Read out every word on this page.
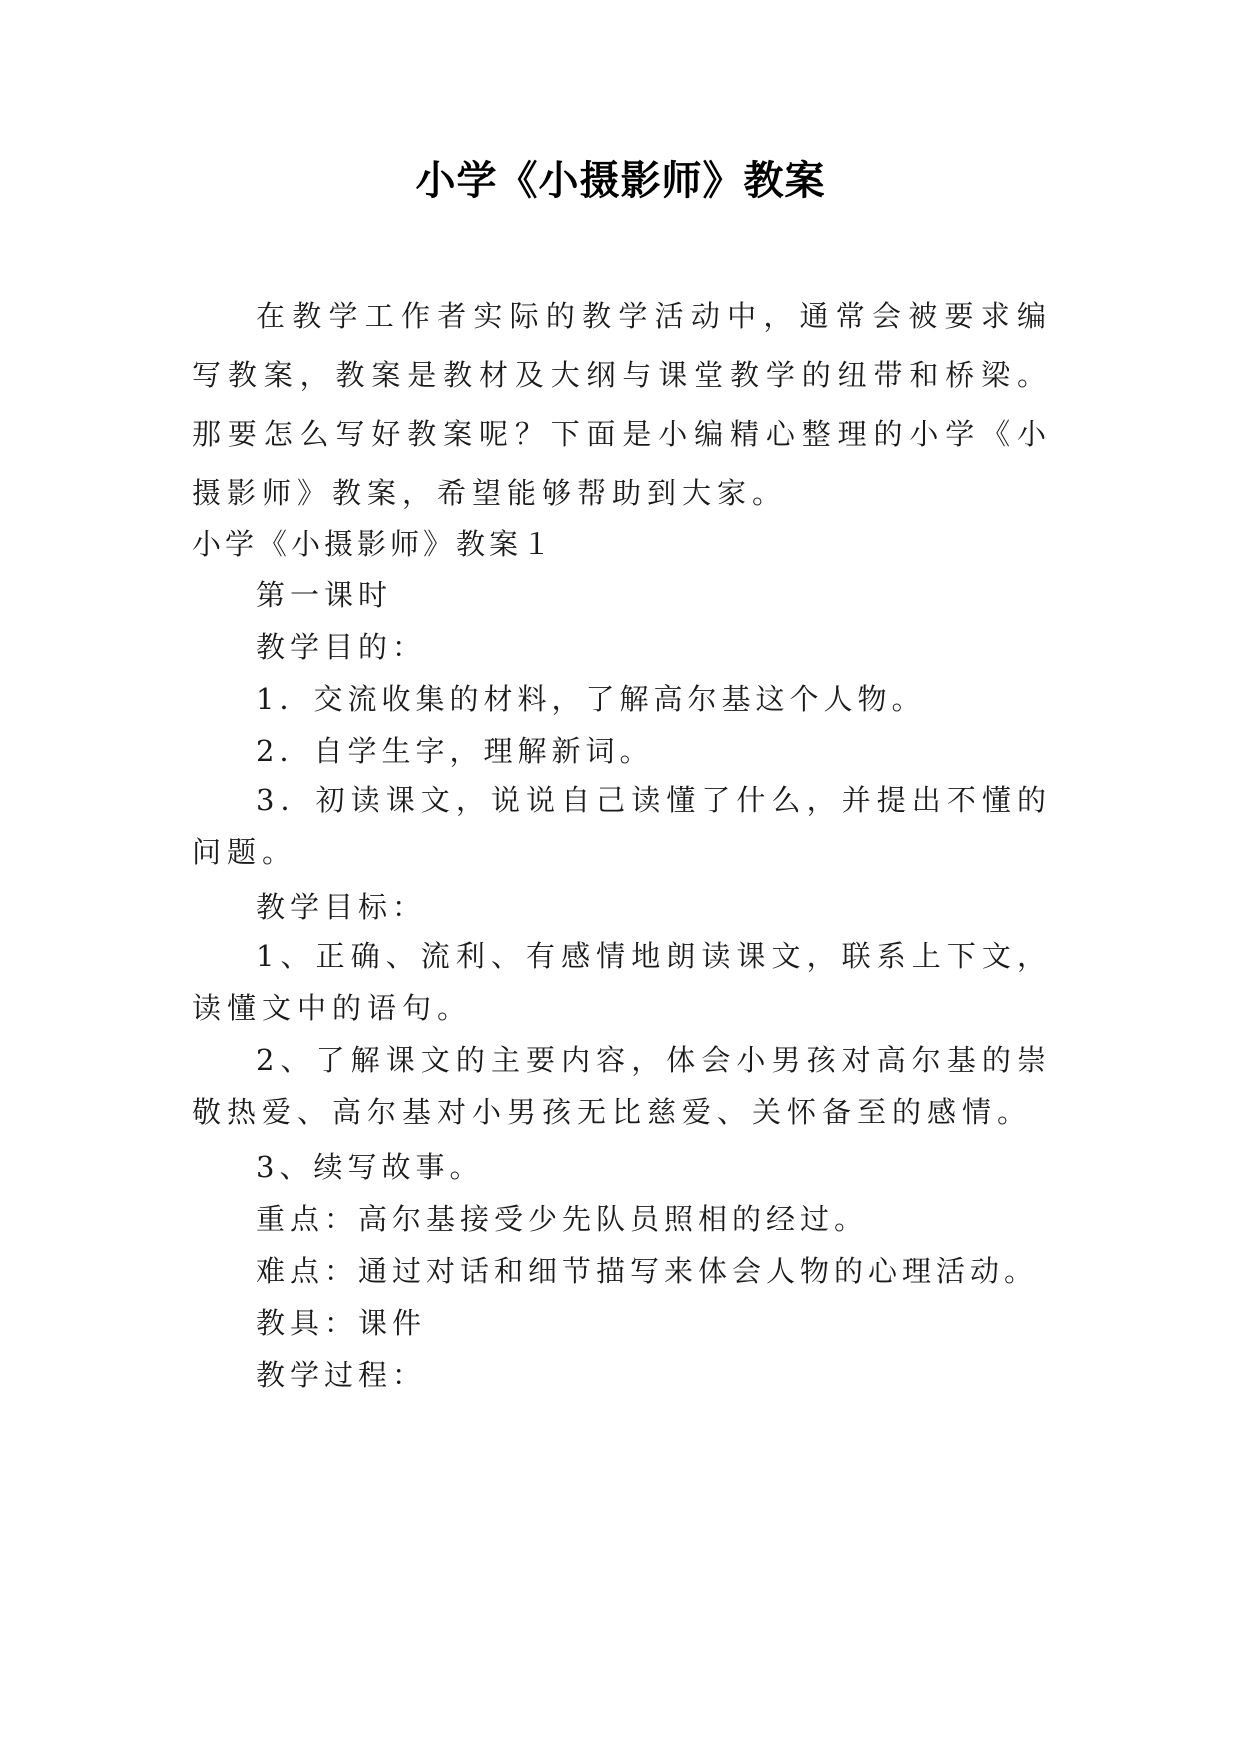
小学《小摄影师》教案

在教学工作者实际的教学活动中，通常会被要求编写教案，教案是教材及大纲与课堂教学的纽带和桥梁。那要怎么写好教案呢？下面是小编精心整理的小学《小摄影师》教案，希望能够帮助到大家。

小学《小摄影师》教案１

第一课时

教学目的：

1．交流收集的材料，了解高尔基这个人物。

2．自学生字，理解新词。

3．初读课文，说说自己读懂了什么，并提出不懂的问题。

教学目标：

1、正确、流利、有感情地朗读课文，联系上下文，读懂文中的语句。

2、了解课文的主要内容，体会小男孩对高尔基的崇敬热爱、高尔基对小男孩无比慈爱、关怀备至的感情。

3、续写故事。

重点：高尔基接受少先队员照相的经过。

难点：通过对话和细节描写来体会人物的心理活动。

教具：课件

教学过程：
